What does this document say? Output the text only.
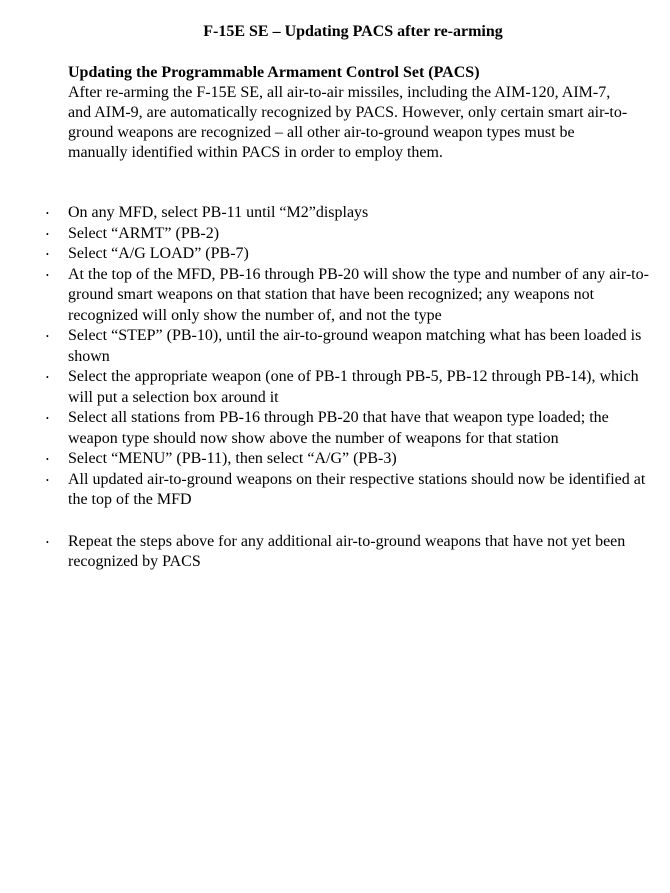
F-15E SE – Updating PACS after re-arming

Updating the Programmable Armament Control Set (PACS)

After re-arming the F-15E SE, all air-to-air missiles, including the AIM-120, AIM-7, and AIM-9, are automatically recognized by PACS. However, only certain smart air-to-ground weapons are recognized – all other air-to-ground weapon types must be manually identified within PACS in order to employ them.

• On any MFD, select PB-11 until “M2”displays
• Select “ARMT” (PB-2)
• Select “A/G LOAD” (PB-7)
• At the top of the MFD, PB-16 through PB-20 will show the type and number of any air-to-ground smart weapons on that station that have been recognized; any weapons not recognized will only show the number of, and not the type
• Select “STEP” (PB-10), until the air-to-ground weapon matching what has been loaded is shown
• Select the appropriate weapon (one of PB-1 through PB-5, PB-12 through PB-14), which will put a selection box around it
• Select all stations from PB-16 through PB-20 that have that weapon type loaded; the weapon type should now show above the number of weapons for that station
• Select “MENU” (PB-11), then select “A/G” (PB-3)
• All updated air-to-ground weapons on their respective stations should now be identified at the top of the MFD
• Repeat the steps above for any additional air-to-ground weapons that have not yet been recognized by PACS
